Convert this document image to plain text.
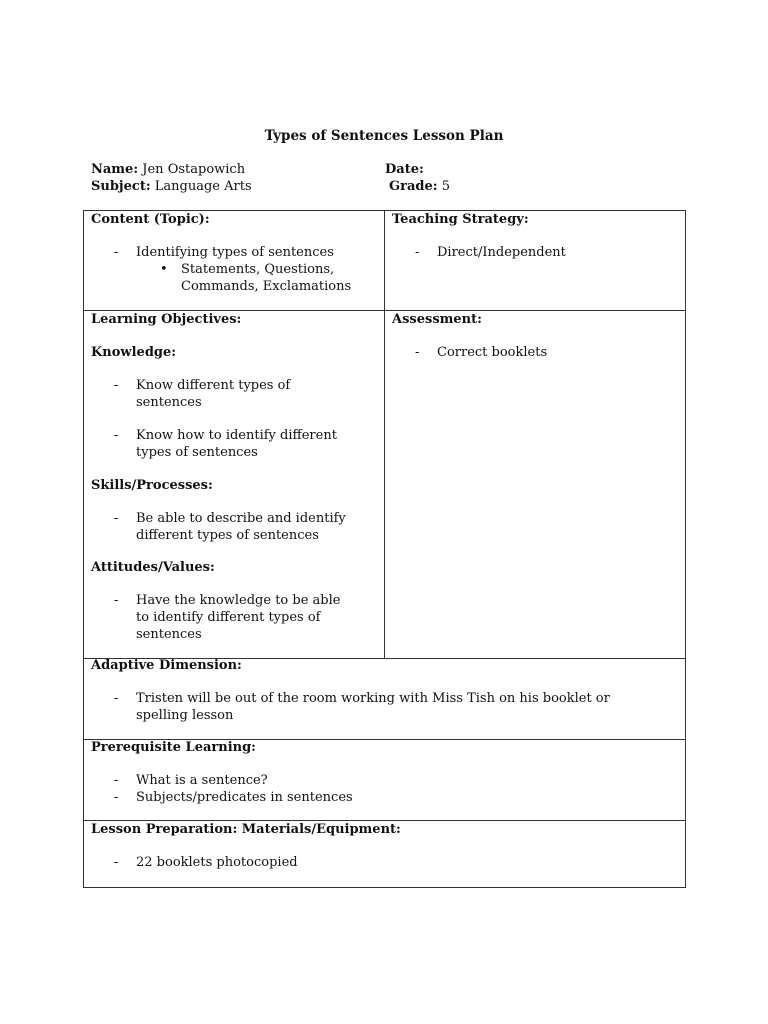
Types of Sentences Lesson Plan
Name: Jen Ostapowich	Date:
Subject: Language Arts	Grade: 5
Content (Topic):
- Identifying types of sentences
• Statements, Questions,
Commands, Exclamations
Teaching Strategy:
- Direct/Independent
Learning Objectives:
Knowledge:
- Know different types of
sentences
- Know how to identify different
types of sentences
Skills/Processes:
- Be able to describe and identify
different types of sentences
Attitudes/Values:
- Have the knowledge to be able
to identify different types of
sentences
Assessment:
- Correct booklets
Adaptive Dimension:
- Tristen will be out of the room working with Miss Tish on his booklet or
spelling lesson
Prerequisite Learning:
- What is a sentence?
- Subjects/predicates in sentences
Lesson Preparation: Materials/Equipment:
- 22 booklets photocopied
